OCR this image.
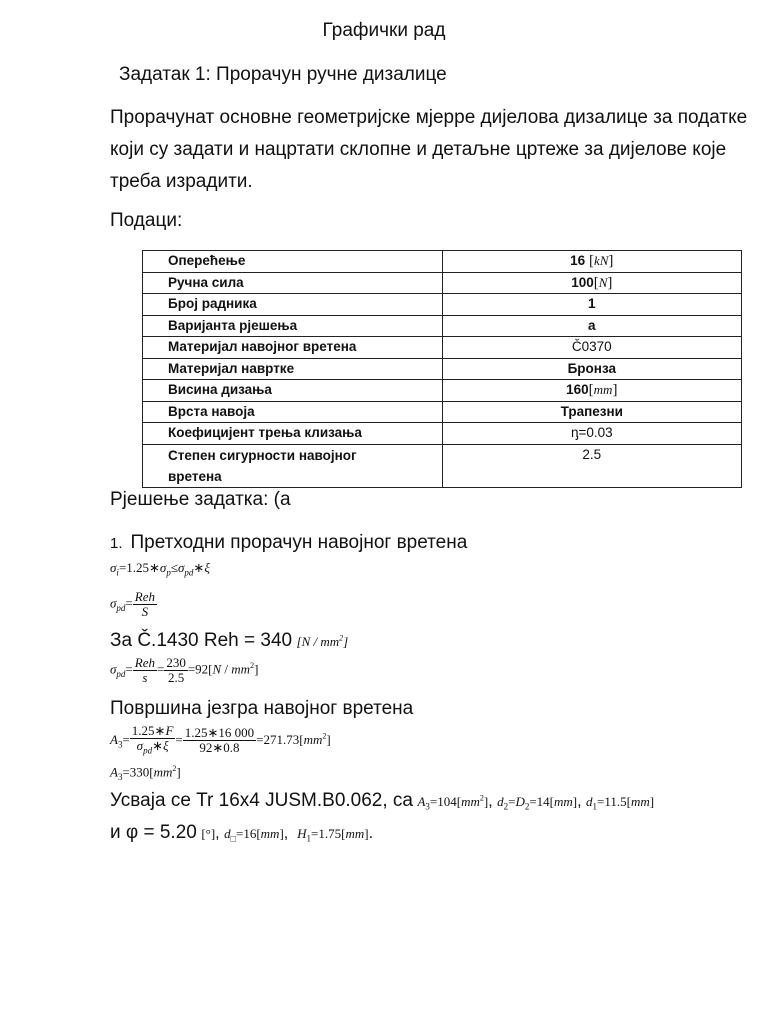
Графички рад
Задатак 1: Прорачун ручне дизалице
Прорачунат основне геометријске мјерре дијелова дизалице за податке који су задати и нацртати склопне и детаљне цртеже за дијелове које треба израдити.
Подаци:
Оперећење	16 [kN]
Ручна сила	100[N]
Број радника	1
Варијанта рјешења	a
Материјал навојног вретена	Č0370
Материјал навртке	Бронза
Висина дизања	160[mm]
Врста навоја	Трапезни
Коефицијент трења клизања	ᶇ=0.03
Степен сигурности навојног вретена	2.5
Рјешење задатка: (а
1. Претходни прорачун навојног вретена
$\sigma_i=1.25∗\sigma_p\le\sigma_{pd}∗\xi$
$\sigma_{pd}= \frac{\text{Reh}}{S}$
За Č.1430 Reh = 340 $[N / mm^2]$
$\sigma_{pd}= \frac{\text{Reh}}{s} = \frac{230}{2.5} =92[N / mm^2]$
Површина језгра навојног вретена
$A_3= \frac{1.25∗F}{\sigma_{pd}∗\xi} = \frac{1.25∗16 000}{92∗0.8} =271.73[mm^2]$
$A_3=330[mm^2]$
Усваја се Tr 16x4 JUSM.B0.062, са $A_3=104[mm^2]$, $d_2=D_2=14[mm]$, $d_1=11.5[mm]$
и φ = 5.20 [°], $d_□=16[mm]$,  $H_1=1.75[mm]$.
